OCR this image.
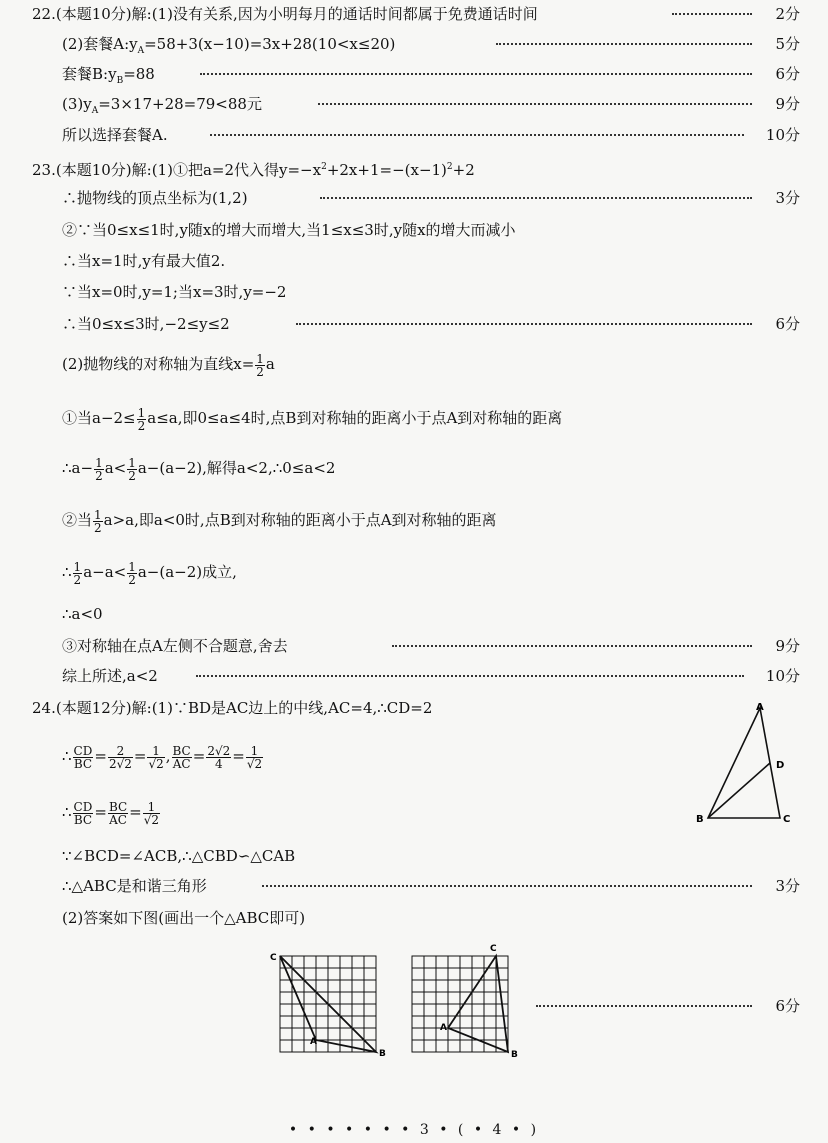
22.(本题10分)解:(1)没有关系,因为小明每月的通话时间都属于免费通话时间	2分
(2)套餐$A:y_A=58+3(x-10)=3x+28(10<x\le 20)$	5分
套餐$B:y_B=88$	6分
$(3)y_A=3\times 17+28=79<88$元	9分
所以选择套餐A.	10分
23.(本题10分)解:(1)①把a=2代入得$y=-x^2+2x+1=-(x-1)^2+2$
∴抛物线的顶点坐标为(1,2)	3分
②∵当0≤x≤1时,y随x的增大而增大,当1≤x≤3时,y随x的增大而减小
∴当x=1时,y有最大值2.
∵当x=0时,y=1;当x=3时,y=−2
∴当0≤x≤3时,−2≤y≤2	6分
(2)抛物线的对称轴为直线$x= \frac{1}{2}$ a
①当$a-2\le \frac{1}{2} a\le a$,即0≤a≤4时,点B到对称轴的距离小于点A到对称轴的距离
∴a− $\frac{1}{2} a< \frac{1}{2} a-(a-2)$,解得a<2,∴0≤a<2
②当 $\frac{1}{2} a>a$,即a<0时,点B到对称轴的距离小于点A到对称轴的距离
∴ $\frac{1}{2} a-a< \frac{1}{2} a-(a-2)$成立,
∴a<0
③对称轴在点A左侧不合题意,舍去	9分
综上所述,a<2	10分
24.(本题12分)解:(1)∵BD是AC边上的中线,AC=4,∴CD=2
∴ $\frac{CD}{BC} = \frac{2}{2√2} = \frac{1}{√2}$ , $\frac{BC}{AC} = \frac{2√2}{4} = \frac{1}{√2}$
∴ $\frac{CD}{BC} = \frac{BC}{AC} = \frac{1}{√2}$
∵∠BCD=∠ACB,∴△CBD∽△CAB
∴△ABC是和谐三角形	3分
(2)答案如下图(画出一个△ABC即可)
A
D
B	C
C
A
B
C
A
B
6分
• • • • • • • 3 • ( • 4 • )
